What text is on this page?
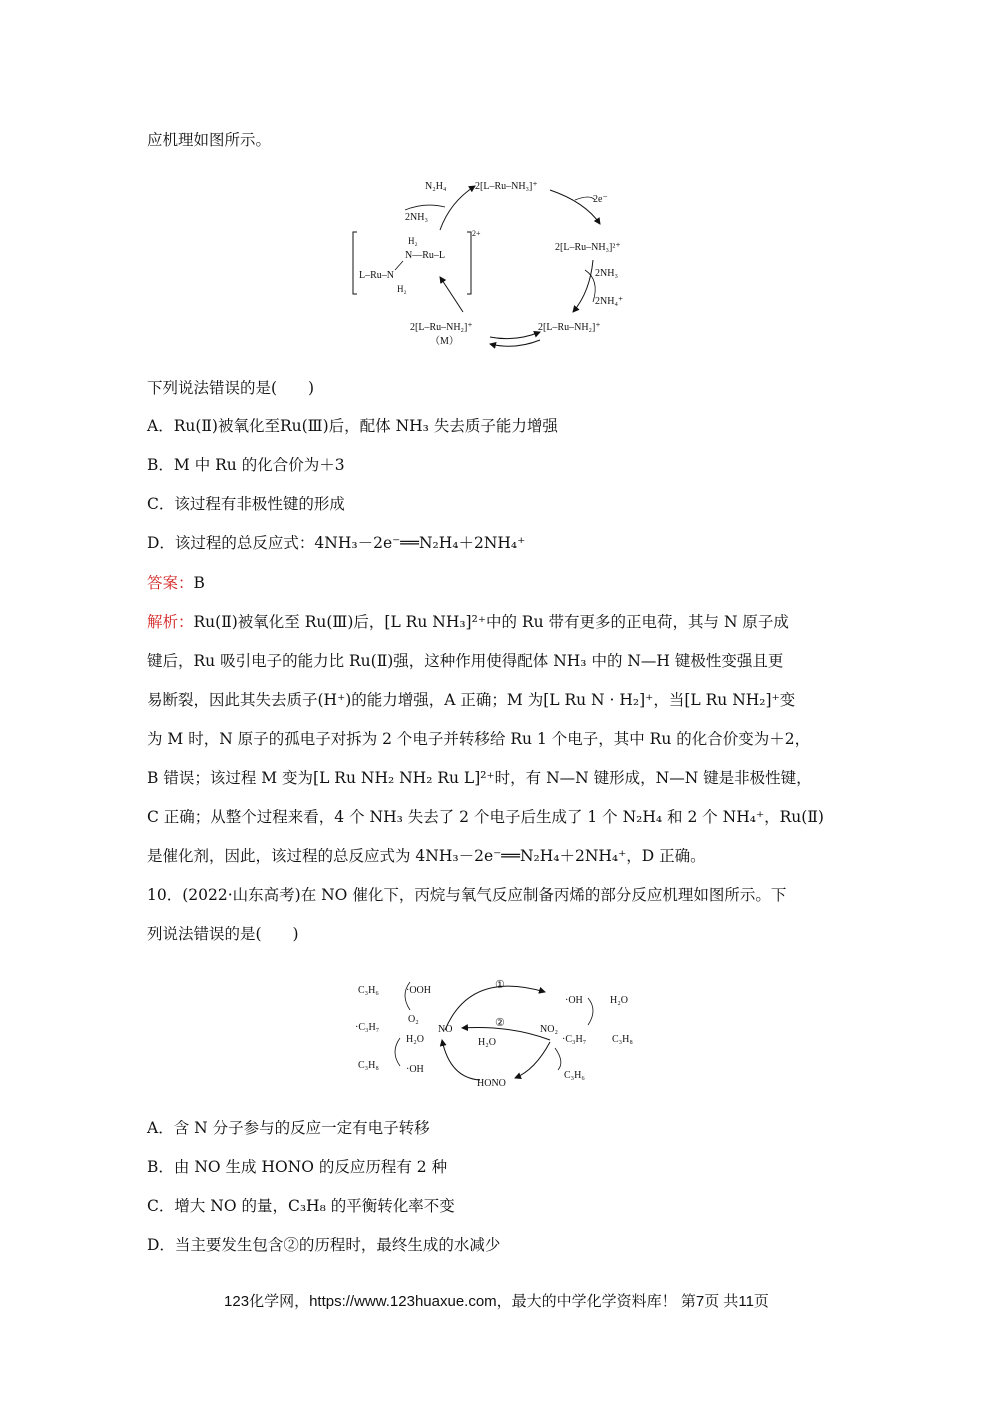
应机理如图所示。
N₂H₄	2[L–Ru–NH₃]⁺
2e⁻
2NH₃
2[L–Ru–NH₃]²⁺
2NH₃
2NH₄⁺
2[L–Ru–NH₂]⁺
2[L–Ru–NH₂]⁺
（M）
H₂
N—Ru–L
L–Ru–N
H₂
2+
下列说法错误的是(　　)
A．Ru(Ⅱ)被氧化至Ru(Ⅲ)后，配体 NH₃ 失去质子能力增强
B．M 中 Ru 的化合价为＋3
C．该过程有非极性键的形成
D．该过程的总反应式：4NH₃－2e⁻══N₂H₄＋2NH₄⁺
答案：B
解析：Ru(Ⅱ)被氧化至 Ru(Ⅲ)后，[L Ru NH₃]²⁺中的 Ru 带有更多的正电荷，其与 N 原子成
键后，Ru 吸引电子的能力比 Ru(Ⅱ)强，这种作用使得配体 NH₃ 中的 N—H 键极性变强且更
易断裂，因此其失去质子(H⁺)的能力增强，A 正确；M 为[L Ru N · H₂]⁺，当[L Ru NH₂]⁺变
为 M 时，N 原子的孤电子对拆为 2 个电子并转移给 Ru 1 个电子，其中 Ru 的化合价变为＋2，
B 错误；该过程 M 变为[L Ru NH₂ NH₂ Ru L]²⁺时，有 N—N 键形成，N—N 键是非极性键，
C 正确；从整个过程来看，4 个 NH₃ 失去了 2 个电子后生成了 1 个 N₂H₄ 和 2 个 NH₄⁺，Ru(Ⅱ)
是催化剂，因此，该过程的总反应式为 4NH₃－2e⁻══N₂H₄＋2NH₄⁺，D 正确。
10．(2022·山东高考)在 NO 催化下，丙烷与氧气反应制备丙烯的部分反应机理如图所示。下
列说法错误的是(　　)
C₃H₆	·OOH
O₂
·C₃H₇	NO
H₂O
C₃H₈	·OH
①
②
H₂O
HONO
·OH	H₂O
NO₂
·C₃H₇	C₃H₈
C₃H₆
A．含 N 分子参与的反应一定有电子转移
B．由 NO 生成 HONO 的反应历程有 2 种
C．增大 NO 的量，C₃H₈ 的平衡转化率不变
D．当主要发生包含②的历程时，最终生成的水减少
123化学网，https://www.123huaxue.com，最大的中学化学资料库！ 第7页 共11页
